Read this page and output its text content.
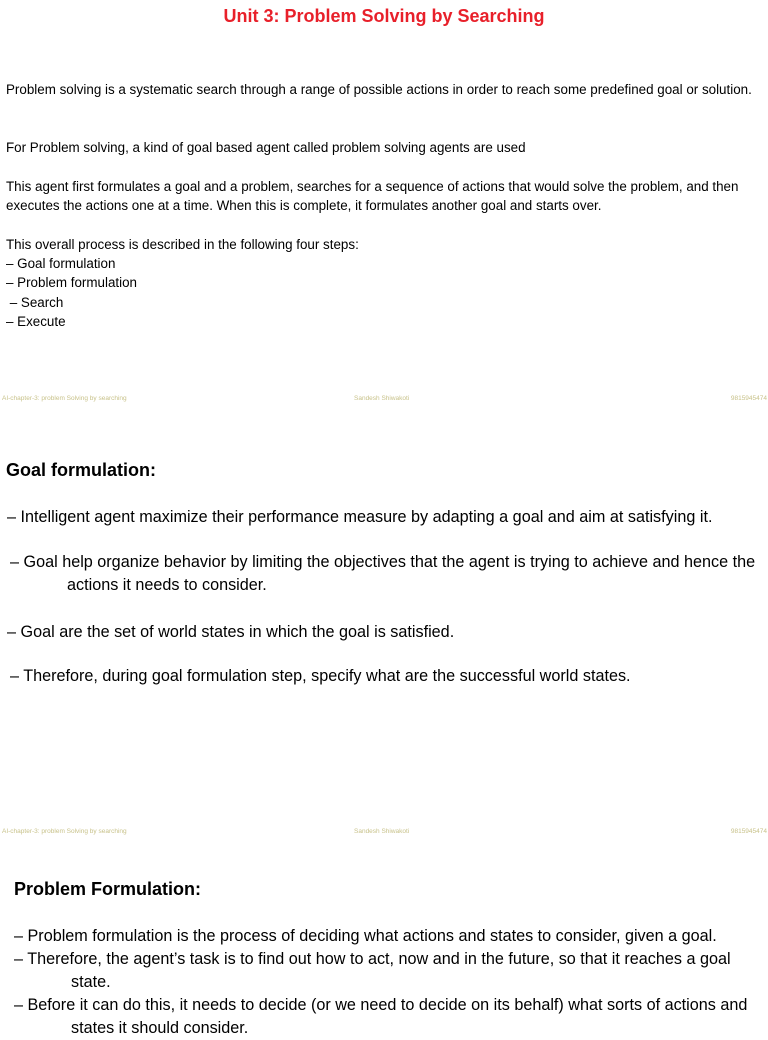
Unit 3: Problem Solving by Searching

Problem solving is a systematic search through a range of possible actions in order to reach some predefined goal or solution.

For Problem solving, a kind of goal based agent called problem solving agents are used

This agent first formulates a goal and a problem, searches for a sequence of actions that would solve the problem, and then executes the actions one at a time. When this is complete, it formulates another goal and starts over.

This overall process is described in the following four steps:

– Goal formulation
– Problem formulation
– Search
– Execute
AI-chapter-3: problem Solving by searching	Sandesh Shiwakoti	9815945474
Goal formulation:
– Intelligent agent maximize their performance measure by adapting a goal and aim at satisfying it.
– Goal help organize behavior by limiting the objectives that the agent is trying to achieve and hence the actions it needs to consider.
– Goal are the set of world states in which the goal is satisfied.
– Therefore, during goal formulation step, specify what are the successful world states.
AI-chapter-3: problem Solving by searching	Sandesh Shiwakoti	9815945474
Problem Formulation:
– Problem formulation is the process of deciding what actions and states to consider, given a goal.
– Therefore, the agent’s task is to find out how to act, now and in the future, so that it reaches a goal state.
– Before it can do this, it needs to decide (or we need to decide on its behalf) what sorts of actions and states it should consider.
